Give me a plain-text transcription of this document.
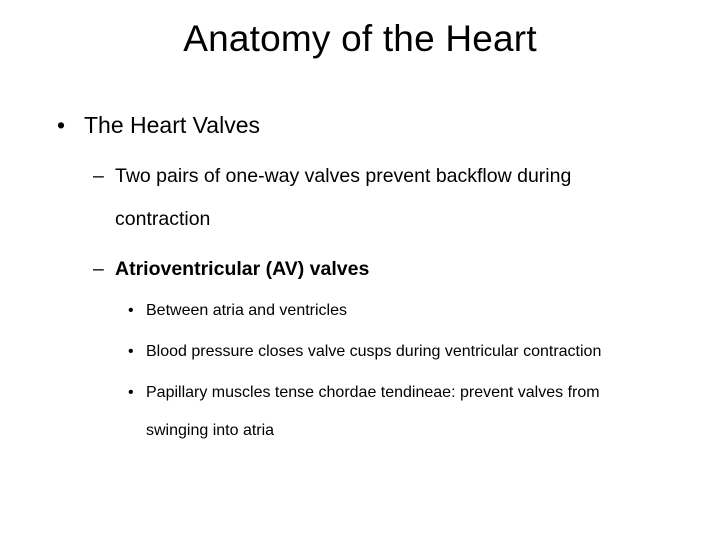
Anatomy of the Heart
• The Heart Valves
– Two pairs of one-way valves prevent backflow during
contraction
– Atrioventricular (AV) valves
• Between atria and ventricles
• Blood pressure closes valve cusps during ventricular contraction
• Papillary muscles tense chordae tendineae: prevent valves from
swinging into atria
